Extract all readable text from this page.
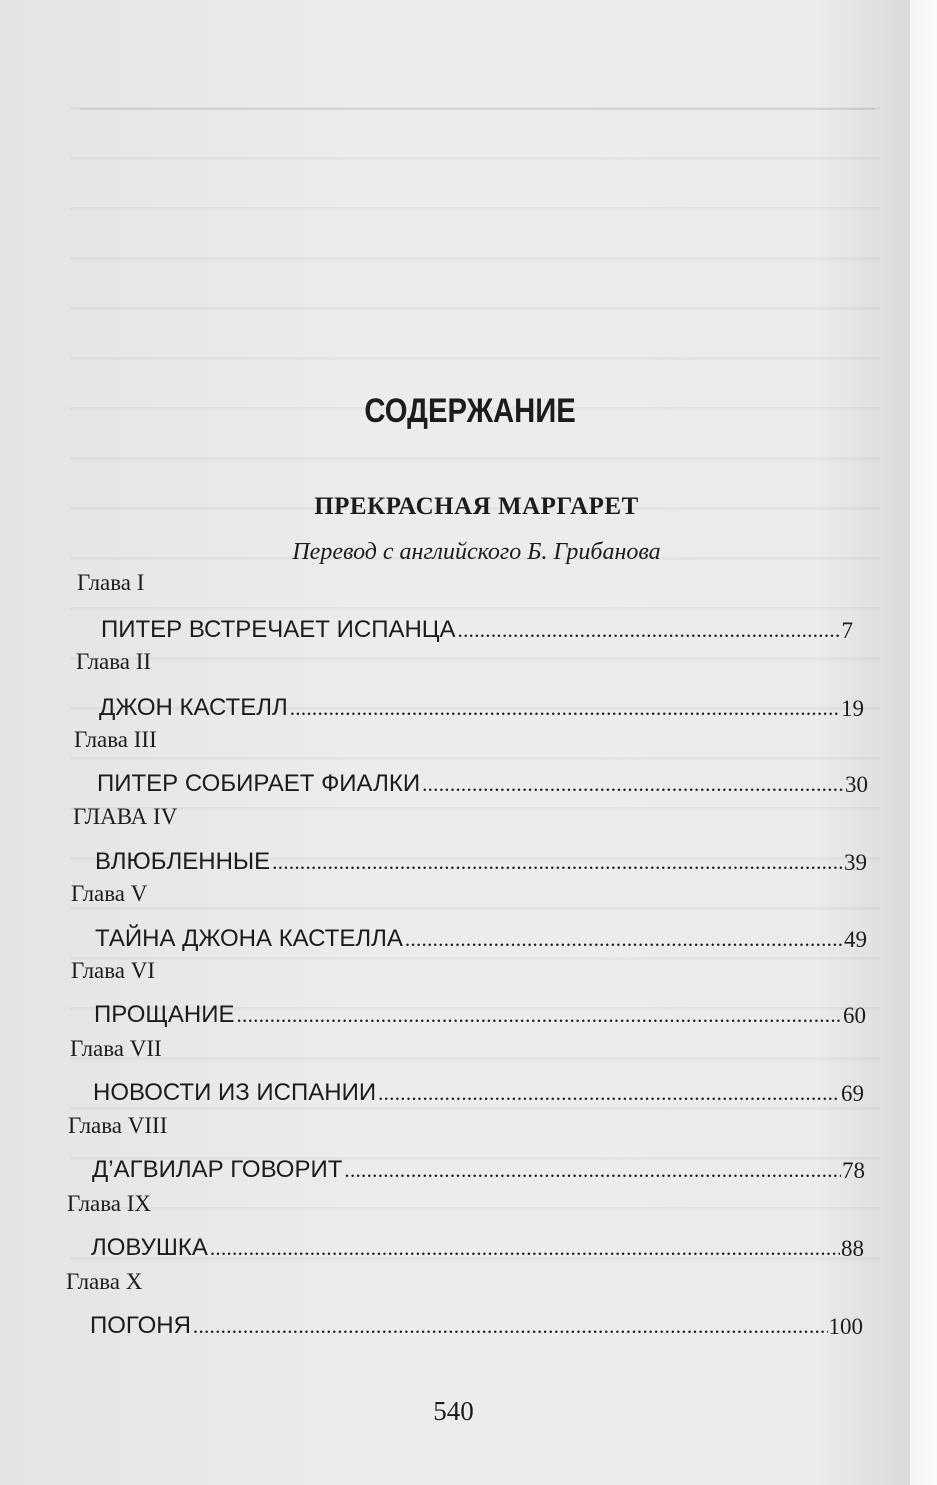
СОДЕРЖАНИЕ
ПРЕКРАСНАЯ МАРГАРЕТ
Перевод с английского Б. Грибанова
Глава I
ПИТЕР ВСТРЕЧАЕТ ИСПАНЦА .....	7
Глава II
ДЖОН КАСТЕЛЛ .....	19
Глава III
ПИТЕР СОБИРАЕТ ФИАЛКИ .....	30
ГЛАВА IV
ВЛЮБЛЕННЫЕ .....	39
Глава V
ТАЙНА ДЖОНА КАСТЕЛЛА .....	49
Глава VI
ПРОЩАНИЕ .....	60
Глава VII
НОВОСТИ ИЗ ИСПАНИИ .....	69
Глава VIII
Д’АГВИЛАР ГОВОРИТ .....	78
Глава IX
ЛОВУШКА .....	88
Глава X
ПОГОНЯ .....	100
540
